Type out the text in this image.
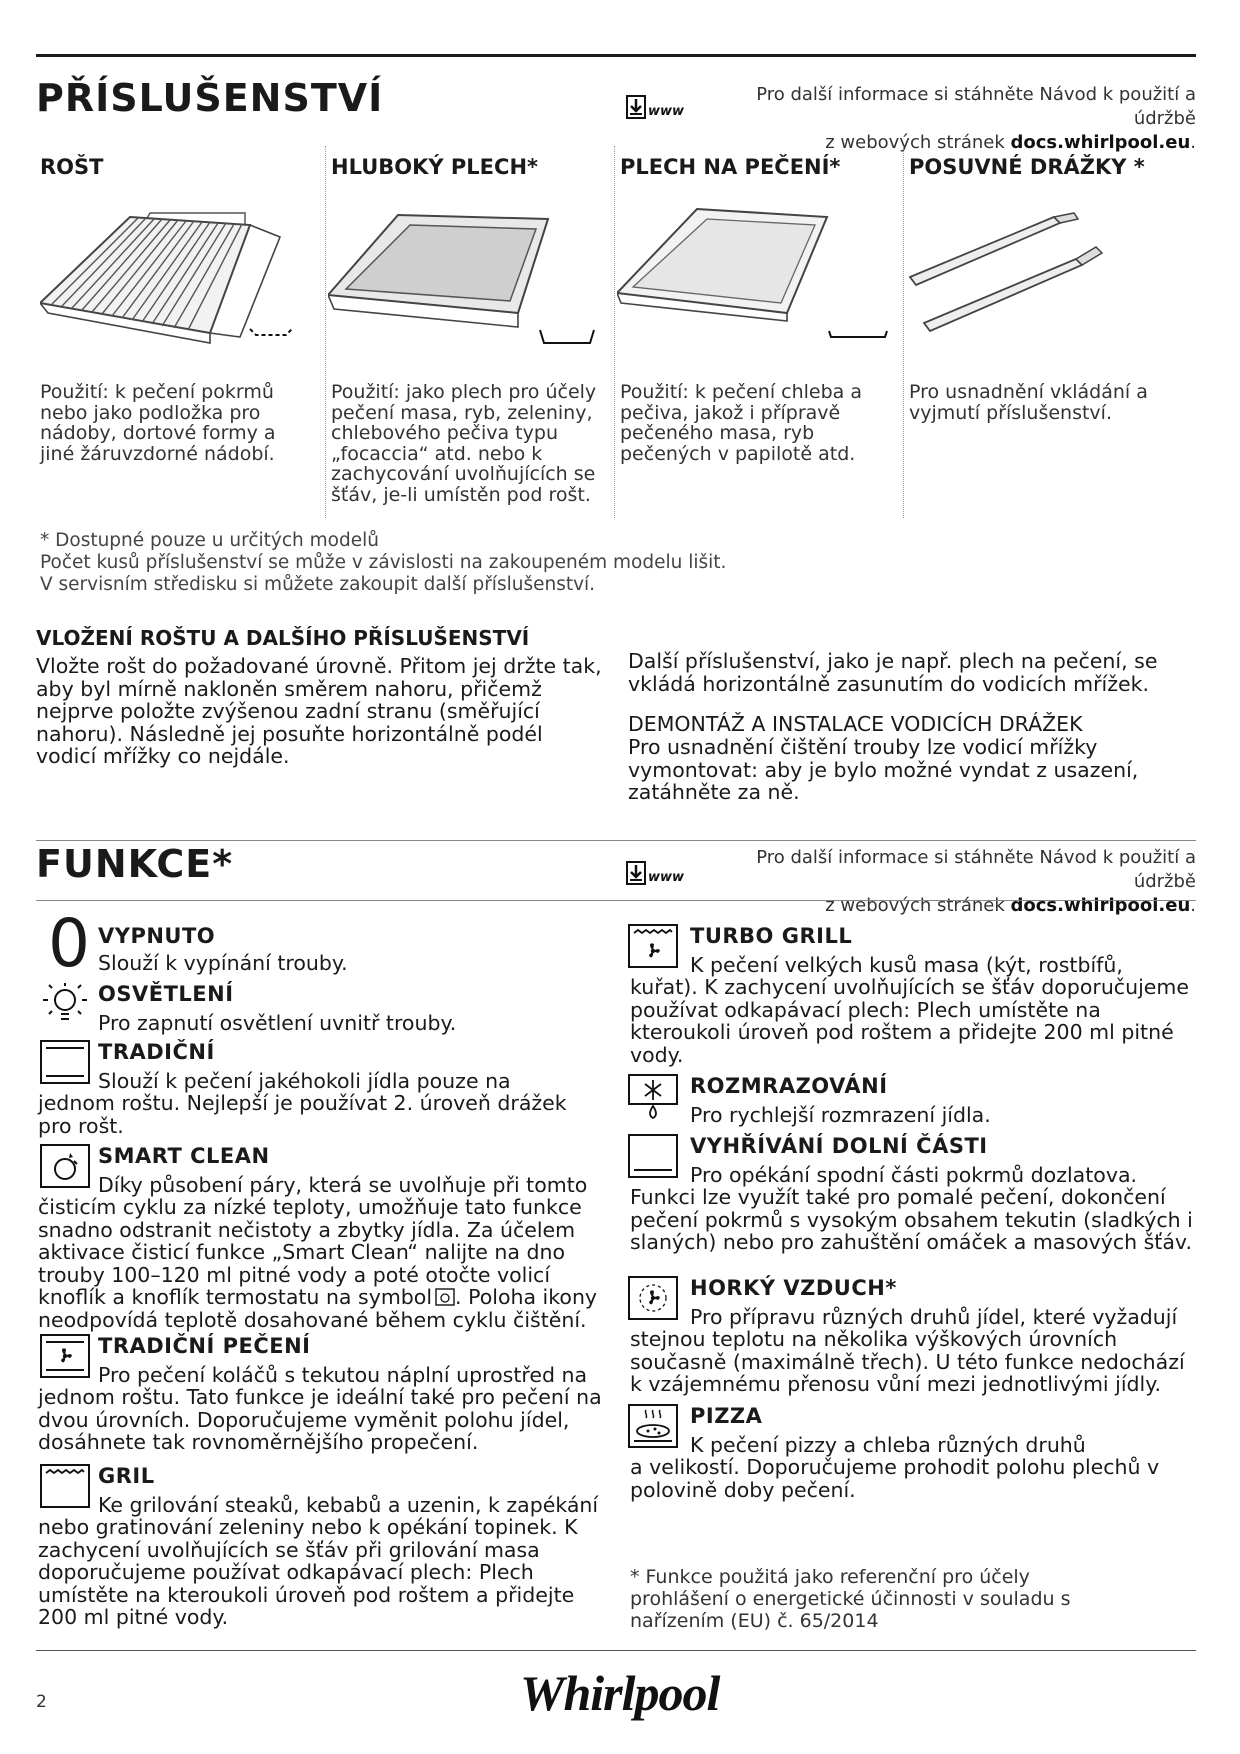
PŘÍSLUŠENSTVÍ	www
Pro další informace si stáhněte Návod k použití a údržbě
z webových stránek docs.whirlpool.eu.
ROŠT	HLUBOKÝ PLECH*	PLECH NA PEČENÍ*	POSUVNÉ DRÁŽKY *
Použití: k pečení pokrmů nebo jako podložka pro nádoby, dortové formy a jiné žáruvzdorné nádobí.
Použití: jako plech pro účely pečení masa, ryb, zeleniny, chlebového pečiva typu „focaccia“ atd. nebo k zachycování uvolňujících se šťáv, je-li umístěn pod rošt.
Použití: k pečení chleba a pečiva, jakož i přípravě pečeného masa, ryb pečených v papilotě atd.
Pro usnadnění vkládání a vyjmutí příslušenství.
* Dostupné pouze u určitých modelů
Počet kusů příslušenství se může v závislosti na zakoupeném modelu lišit.
V servisním středisku si můžete zakoupit další příslušenství.
VLOŽENÍ ROŠTU A DALŠÍHO PŘÍSLUŠENSTVÍ
Vložte rošt do požadované úrovně. Přitom jej držte tak, aby byl mírně nakloněn směrem nahoru, přičemž nejprve položte zvýšenou zadní stranu (směřující nahoru). Následně jej posuňte horizontálně podél vodicí mřížky co nejdále.
Další příslušenství, jako je např. plech na pečení, se vkládá horizontálně zasunutím do vodicích mřížek.
DEMONTÁŽ A INSTALACE VODICÍCH DRÁŽEK
Pro usnadnění čištění trouby lze vodicí mřížky vymontovat: aby je bylo možné vyndat z usazení, zatáhněte za ně.
FUNKCE*	www
Pro další informace si stáhněte Návod k použití a údržbě
z webových stránek docs.whirlpool.eu.
0 VYPNUTO
Slouží k vypínání trouby.
OSVĚTLENÍ
Pro zapnutí osvětlení uvnitř trouby.
TRADIČNÍ
Slouží k pečení jakéhokoli jídla pouze na
jednom roštu. Nejlepší je používat 2. úroveň drážek pro rošt.
SMART CLEAN
Díky působení páry, která se uvolňuje při tomto
čisticím cyklu za nízké teploty, umožňuje tato funkce snadno odstranit nečistoty a zbytky jídla. Za účelem aktivace čisticí funkce „Smart Clean“ nalijte na dno trouby 100–120 ml pitné vody a poté otočte volicí knoflík a knoflík termostatu na symbol . Poloha ikony neodpovídá teplotě dosahované během cyklu čištění.
TRADIČNÍ PEČENÍ
Pro pečení koláčů s tekutou náplní uprostřed na
jednom roštu. Tato funkce je ideální také pro pečení na dvou úrovních. Doporučujeme vyměnit polohu jídel, dosáhnete tak rovnoměrnějšího propečení.
GRIL
Ke grilování steaků, kebabů a uzenin, k zapékání
nebo gratinování zeleniny nebo k opékání topinek. K zachycení uvolňujících se šťáv při grilování masa doporučujeme používat odkapávací plech: Plech umístěte na kteroukoli úroveň pod roštem a přidejte 200 ml pitné vody.
TURBO GRILL
K pečení velkých kusů masa (kýt, rostbífů,
kuřat). K zachycení uvolňujících se šťáv doporučujeme používat odkapávací plech: Plech umístěte na kteroukoli úroveň pod roštem a přidejte 200 ml pitné vody.
ROZMRAZOVÁNÍ
Pro rychlejší rozmrazení jídla.
VYHŘÍVÁNÍ DOLNÍ ČÁSTI
Pro opékání spodní části pokrmů dozlatova.
Funkci lze využít také pro pomalé pečení, dokončení pečení pokrmů s vysokým obsahem tekutin (sladkých i slaných) nebo pro zahuštění omáček a masových šťáv.
HORKÝ VZDUCH*
Pro přípravu různých druhů jídel, které vyžadují
stejnou teplotu na několika výškových úrovních současně (maximálně třech). U této funkce nedochází k vzájemnému přenosu vůní mezi jednotlivými jídly.
PIZZA
K pečení pizzy a chleba různých druhů
a velikostí. Doporučujeme prohodit polohu plechů v polovině doby pečení.
* Funkce použitá jako referenční pro účely prohlášení o energetické účinnosti v souladu s nařízením (EU) č. 65/2014
2	Whirlpool
